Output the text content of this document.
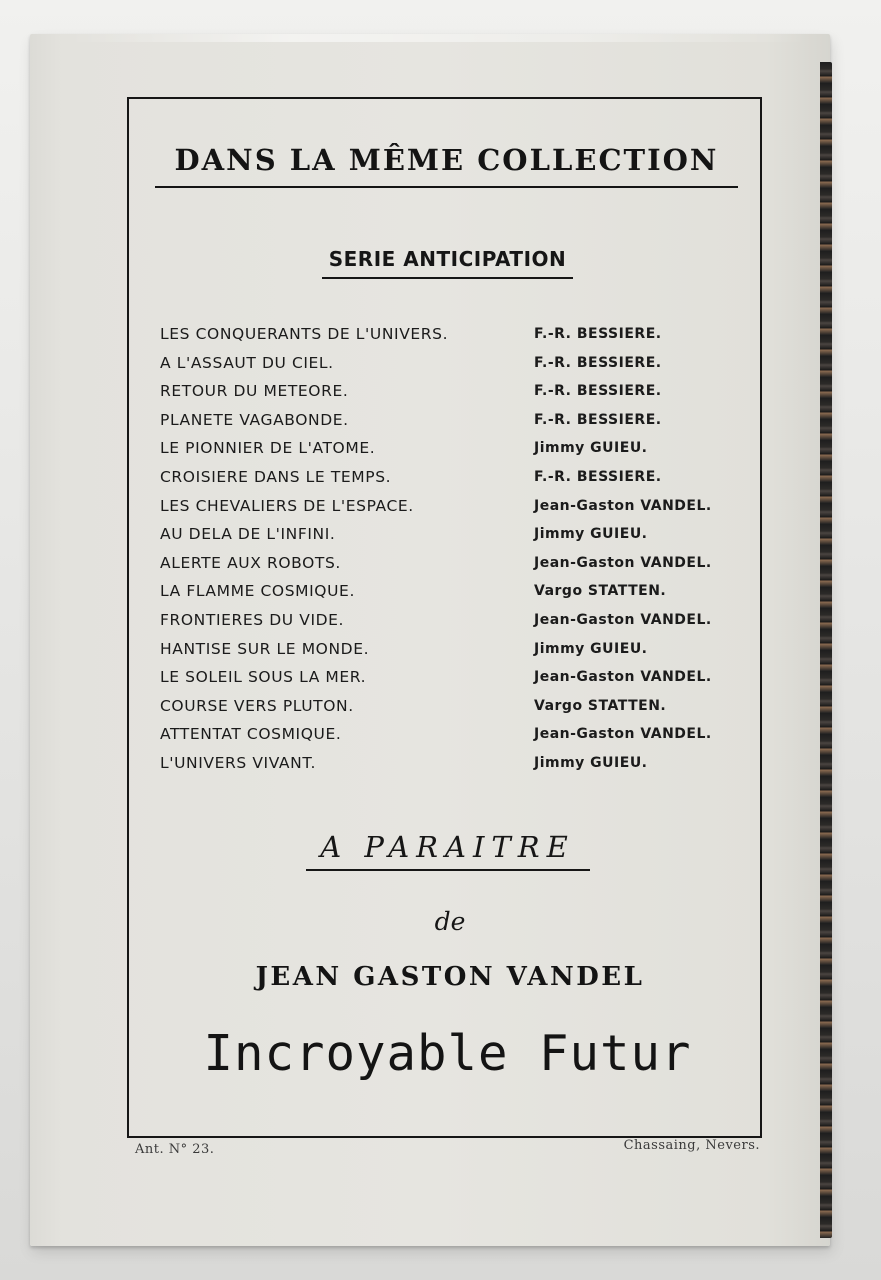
DANS LA MÊME COLLECTION
SERIE ANTICIPATION
LES CONQUERANTS DE L'UNIVERS.	F.-R. BESSIERE.
A L'ASSAUT DU CIEL.	F.-R. BESSIERE.
RETOUR DU METEORE.	F.-R. BESSIERE.
PLANETE VAGABONDE.	F.-R. BESSIERE.
LE PIONNIER DE L'ATOME.	Jimmy GUIEU.
CROISIERE DANS LE TEMPS.	F.-R. BESSIERE.
LES CHEVALIERS DE L'ESPACE.	Jean-Gaston VANDEL.
AU DELA DE L'INFINI.	Jimmy GUIEU.
ALERTE AUX ROBOTS.	Jean-Gaston VANDEL.
LA FLAMME COSMIQUE.	Vargo STATTEN.
FRONTIERES DU VIDE.	Jean-Gaston VANDEL.
HANTISE SUR LE MONDE.	Jimmy GUIEU.
LE SOLEIL SOUS LA MER.	Jean-Gaston VANDEL.
COURSE VERS PLUTON.	Vargo STATTEN.
ATTENTAT COSMIQUE.	Jean-Gaston VANDEL.
L'UNIVERS VIVANT.	Jimmy GUIEU.
A PARAITRE
de
JEAN GASTON VANDEL
Incroyable Futur
Ant. N° 23.	Chassaing, Nevers.
